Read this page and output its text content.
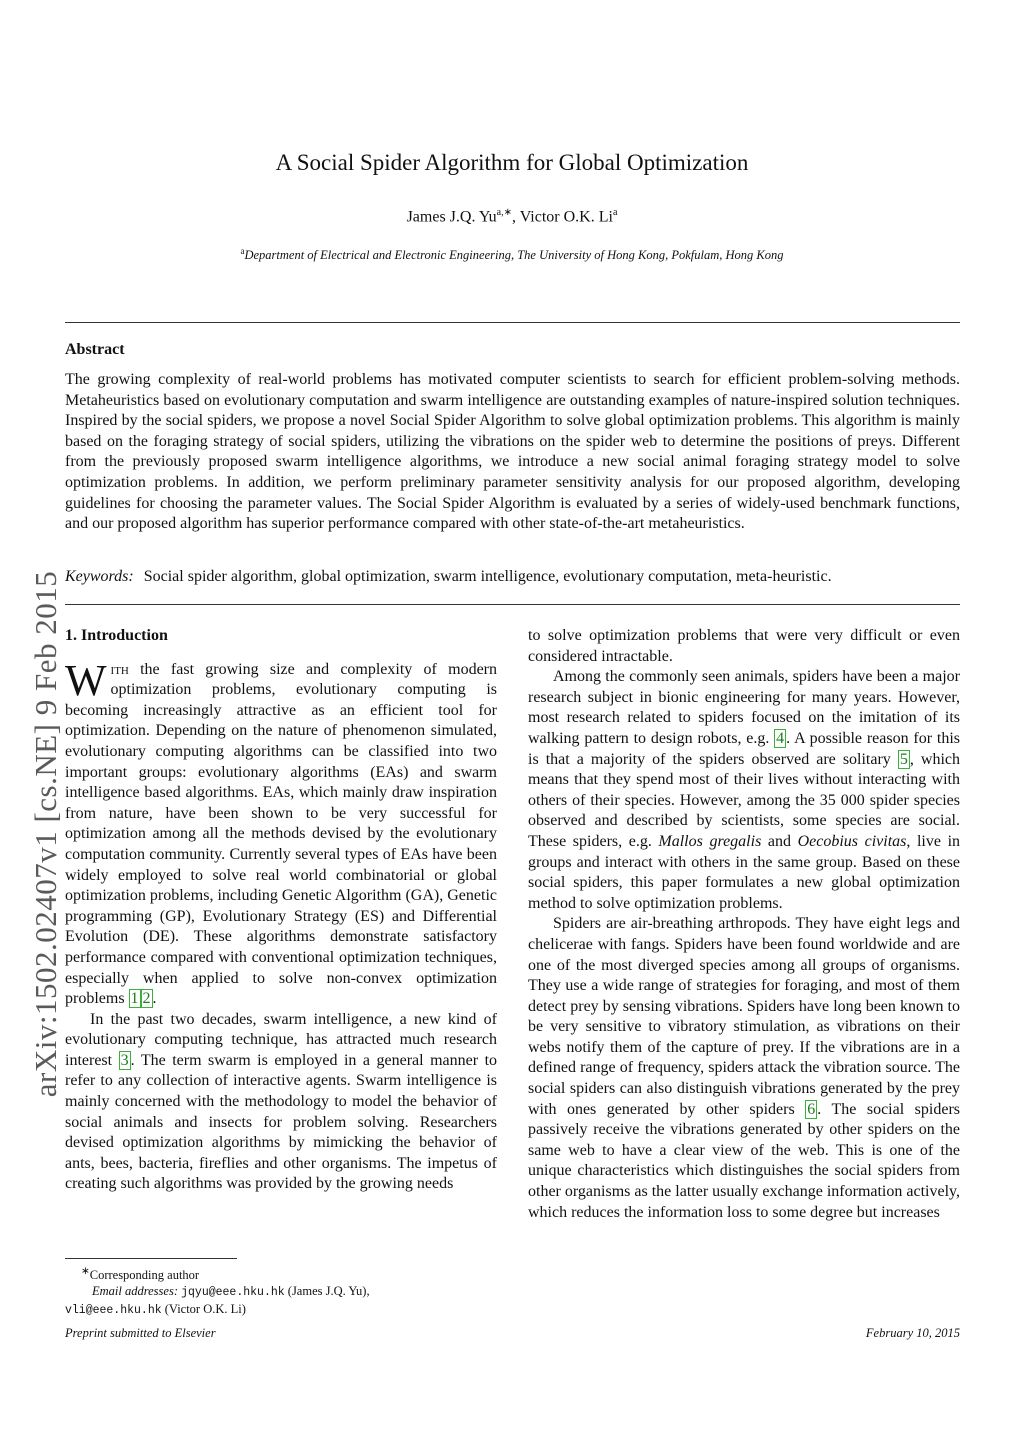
arXiv:1502.02407v1 [cs.NE] 9 Feb 2015
A Social Spider Algorithm for Global Optimization
James J.Q. $Yu^{a,∗}$, Victor O.K. Li$^a$
$^a$Department of Electrical and Electronic Engineering, The University of Hong Kong, Pokfulam, Hong Kong
Abstract
The growing complexity of real-world problems has motivated computer scientists to search for efficient problem-solving methods. Metaheuristics based on evolutionary computation and swarm intelligence are outstanding examples of nature-inspired solution techniques. Inspired by the social spiders, we propose a novel Social Spider Algorithm to solve global optimization problems. This algorithm is mainly based on the foraging strategy of social spiders, utilizing the vibrations on the spider web to determine the positions of preys. Different from the previously proposed swarm intelligence algorithms, we introduce a new social animal foraging strategy model to solve optimization problems. In addition, we perform preliminary parameter sensitivity analysis for our proposed algorithm, developing guidelines for choosing the parameter values. The Social Spider Algorithm is evaluated by a series of widely-used benchmark functions, and our proposed algorithm has superior performance compared with other state-of-the-art metaheuristics.
Keywords: Social spider algorithm, global optimization, swarm intelligence, evolutionary computation, meta-heuristic.
1. Introduction

With the fast growing size and complexity of modern optimization problems, evolutionary computing is becoming increasingly attractive as an efficient tool for optimization. Depending on the nature of phenomenon simulated, evolutionary computing algorithms can be classified into two important groups: evolutionary algorithms (EAs) and swarm intelligence based algorithms. EAs, which mainly draw inspiration from nature, have been shown to be very successful for optimization among all the methods devised by the evolutionary computation community. Currently several types of EAs have been widely employed to solve real world combinatorial or global optimization problems, including Genetic Algorithm (GA), Genetic programming (GP), Evolutionary Strategy (ES) and Differential Evolution (DE). These algorithms demonstrate satisfactory performance compared with conventional optimization techniques, especially when applied to solve non-convex optimization problems 1 2 .

In the past two decades, swarm intelligence, a new kind of evolutionary computing technique, has attracted much research interest 3 . The term swarm is employed in a general manner to refer to any collection of interactive agents. Swarm intelligence is mainly concerned with the methodology to model the behavior of social animals and insects for problem solving. Researchers devised optimization algorithms by mimicking the behavior of ants, bees, bacteria, fireflies and other organisms. The impetus of creating such algorithms was provided by the growing needs

to solve optimization problems that were very difficult or even considered intractable.

Among the commonly seen animals, spiders have been a major research subject in bionic engineering for many years. However, most research related to spiders focused on the imitation of its walking pattern to design robots, e.g. 4 . A possible reason for this is that a majority of the spiders observed are solitary 5 , which means that they spend most of their lives without interacting with others of their species. However, among the 35 000 spider species observed and described by scientists, some species are social. These spiders, e.g. Mallos gregalis and Oecobius civitas, live in groups and interact with others in the same group. Based on these social spiders, this paper formulates a new global optimization method to solve optimization problems.

Spiders are air-breathing arthropods. They have eight legs and chelicerae with fangs. Spiders have been found worldwide and are one of the most diverged species among all groups of organisms. They use a wide range of strategies for foraging, and most of them detect prey by sensing vibrations. Spiders have long been known to be very sensitive to vibratory stimulation, as vibrations on their webs notify them of the capture of prey. If the vibrations are in a defined range of frequency, spiders attack the vibration source. The social spiders can also distinguish vibrations generated by the prey with ones generated by other spiders 6 . The social spiders passively receive the vibrations generated by other spiders on the same web to have a clear view of the web. This is one of the unique characteristics which distinguishes the social spiders from other organisms as the latter usually exchange information actively, which reduces the information loss to some degree but increases

∗Corresponding author
Email addresses: jqyu@eee.hku.hk (James J.Q. Yu),
vli@eee.hku.hk (Victor O.K. Li)
Preprint submitted to Elsevier	February 10, 2015
